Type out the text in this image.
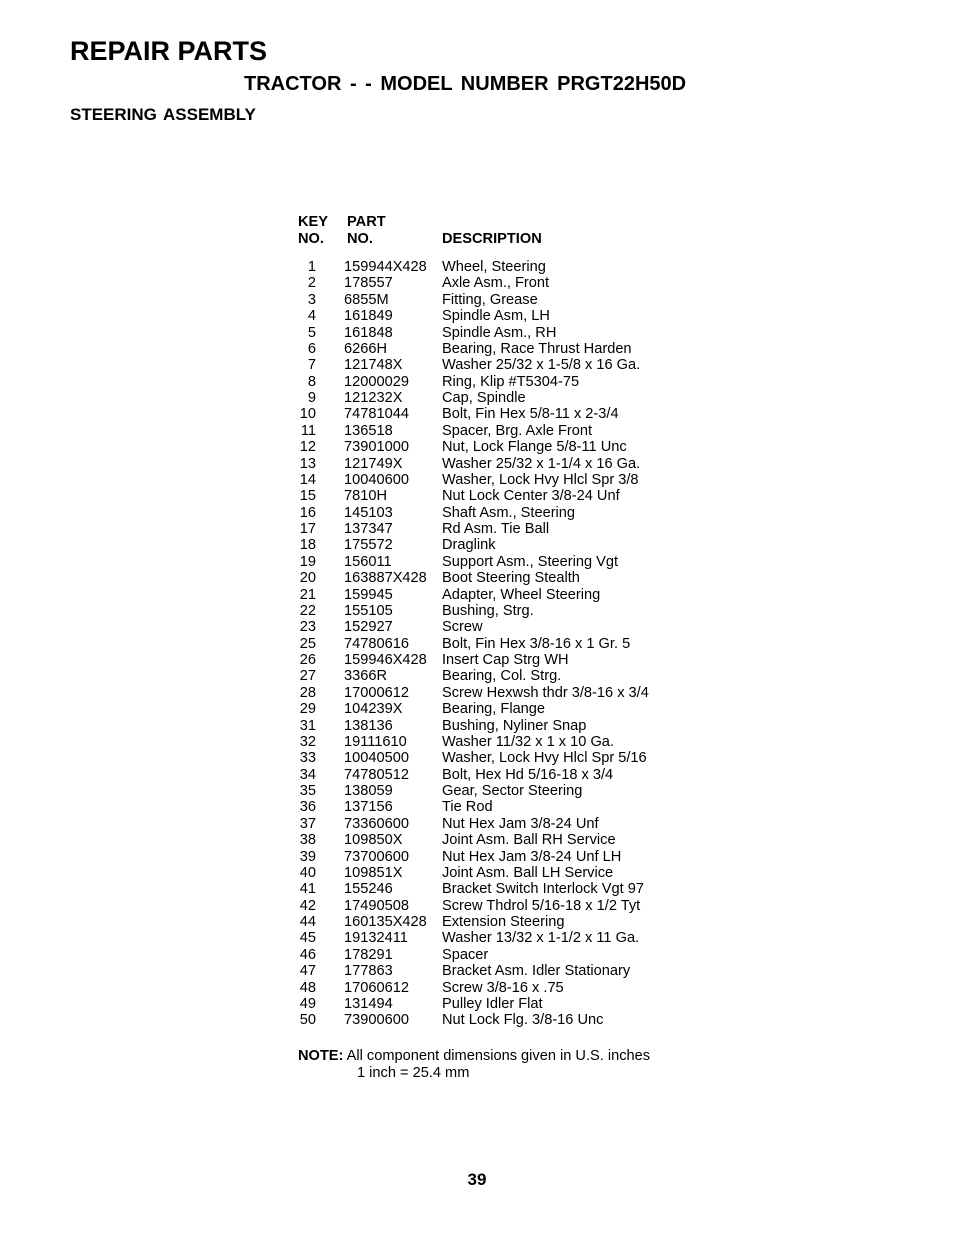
REPAIR PARTS
TRACTOR - - MODEL NUMBER PRGT22H50D
STEERING ASSEMBLY
KEY PART
NO. NO.	DESCRIPTION
1 159944X428 Wheel, Steering
2 178557	Axle Asm., Front
3 6855M	Fitting, Grease
4 161849	Spindle Asm, LH
5 161848	Spindle Asm., RH
6 6266H	Bearing, Race Thrust Harden
7 121748X	Washer 25/32 x 1-5/8 x 16 Ga.
8 12000029 Ring, Klip #T5304-75
9 121232X	Cap, Spindle
10 74781044 Bolt, Fin Hex 5/8-11 x 2-3/4
11 136518	Spacer, Brg. Axle Front
12 73901000 Nut, Lock Flange 5/8-11 Unc
13 121749X	Washer 25/32 x 1-1/4 x 16 Ga.
14 10040600 Washer, Lock Hvy Hlcl Spr 3/8
15 7810H	Nut Lock Center 3/8-24 Unf
16 145103	Shaft Asm., Steering
17 137347	Rd Asm. Tie Ball
18 175572	Draglink
19 156011	Support Asm., Steering Vgt
20 163887X428 Boot Steering Stealth
21 159945	Adapter, Wheel Steering
22 155105	Bushing, Strg.
23 152927	Screw
25 74780616 Bolt, Fin Hex 3/8-16 x 1 Gr. 5
26 159946X428 Insert Cap Strg WH
27 3366R	Bearing, Col. Strg.
28 17000612 Screw Hexwsh thdr 3/8-16 x 3/4
29 104239X	Bearing, Flange
31 138136	Bushing, Nyliner Snap
32 19111610 Washer 11/32 x 1 x 10 Ga.
33 10040500 Washer, Lock Hvy Hlcl Spr 5/16
34 74780512 Bolt, Hex Hd 5/16-18 x 3/4
35 138059	Gear, Sector Steering
36 137156	Tie Rod
37 73360600 Nut Hex Jam 3/8-24 Unf
38 109850X	Joint Asm. Ball RH Service
39 73700600 Nut Hex Jam 3/8-24 Unf LH
40 109851X	Joint Asm. Ball LH Service
41 155246	Bracket Switch Interlock Vgt 97
42 17490508 Screw Thdrol 5/16-18 x 1/2 Tyt
44 160135X428 Extension Steering
45 19132411 Washer 13/32 x 1-1/2 x 11 Ga.
46 178291	Spacer
47 177863	Bracket Asm. Idler Stationary
48 17060612 Screw 3/8-16 x .75
49 131494	Pulley Idler Flat
50 73900600 Nut Lock Flg. 3/8-16 Unc
NOTE: All component dimensions given in U.S. inches
1 inch = 25.4 mm
39
